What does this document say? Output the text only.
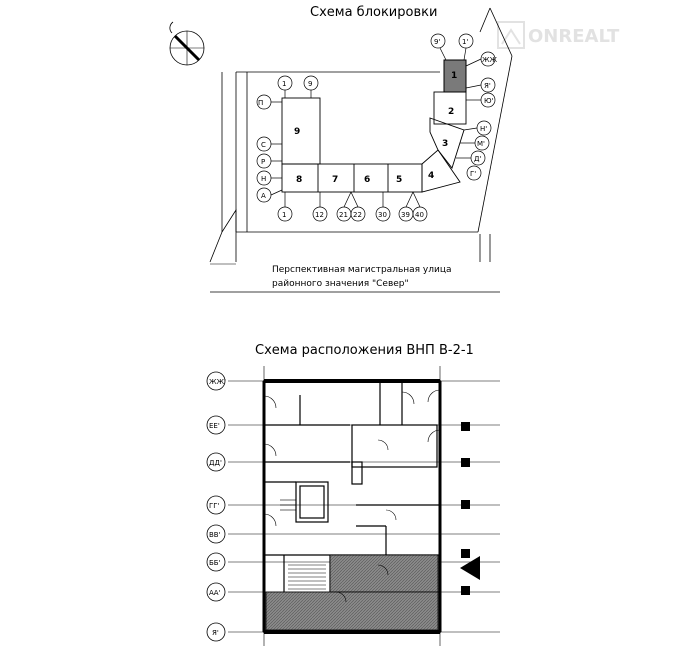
ONREALT
Схема блокировки
Перспективная магистральная улица
районного значения "Север"
1
2
3
4
5
6
7
8
9
1	9
9'	1'
ЖЖ
Я'
Ю'
Н'
М'
Д'
Г'
П
С
Р
Н
А
1	12 21 22 30 39 40
Схема расположения ВНП В-2-1
ЖЖ'
ЕЕ'
ДД'
ГГ'
ВВ'
ББ'
АА'
Я'
